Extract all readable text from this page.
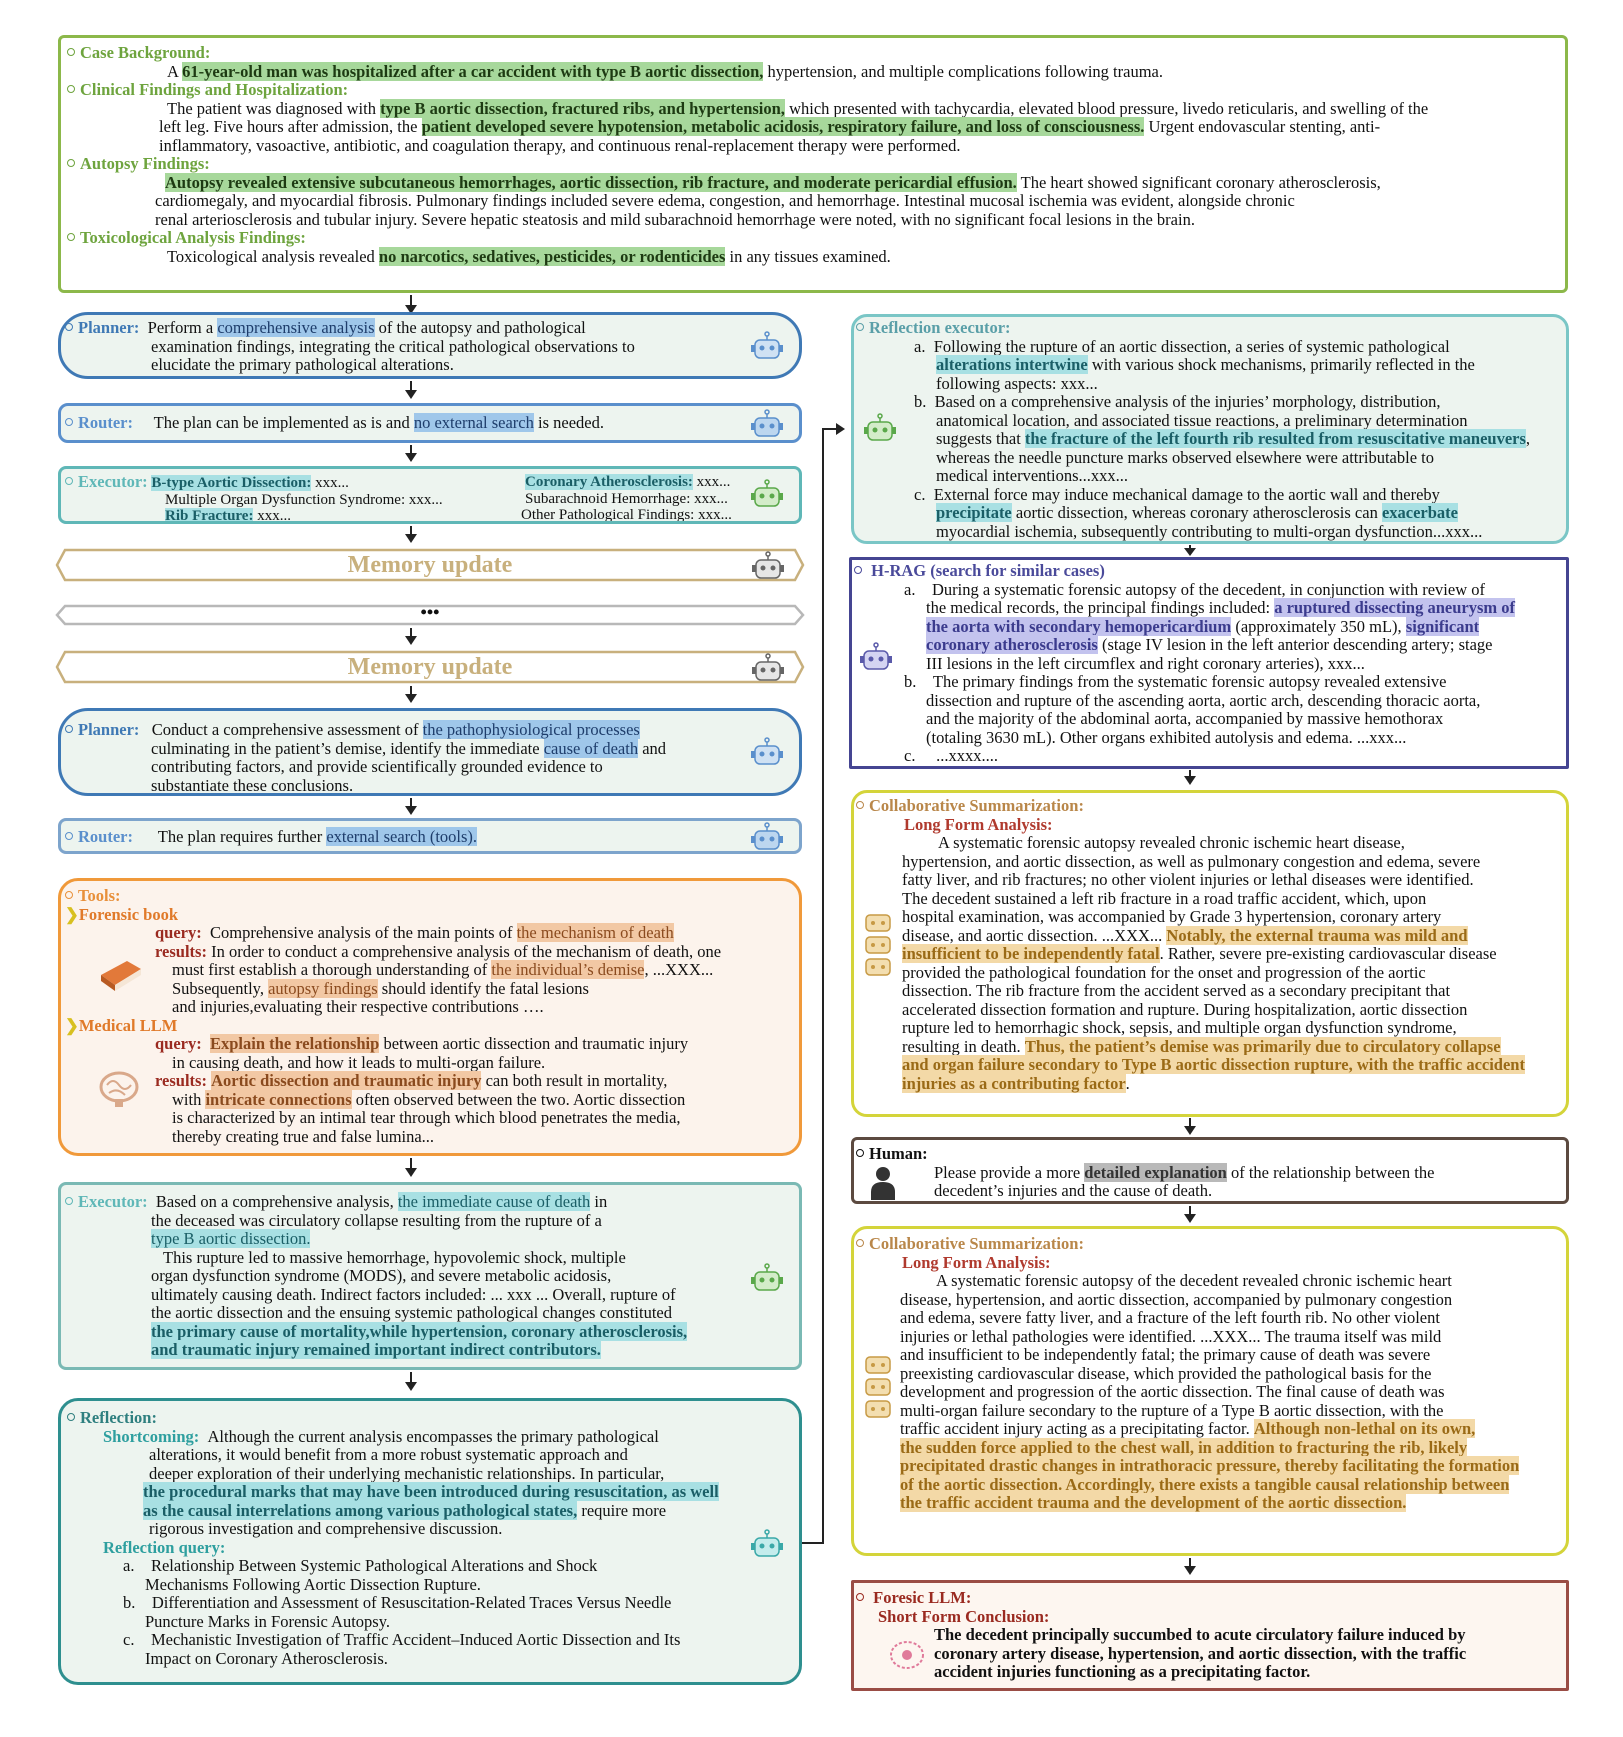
Case Background:
A 61-year-old man was hospitalized after a car accident with type B aortic dissection, hypertension, and multiple complications following trauma.
Clinical Findings and Hospitalization:
The patient was diagnosed with type B aortic dissection, fractured ribs, and hypertension, which presented with tachycardia, elevated blood pressure, livedo reticularis, and swelling of the
left leg. Five hours after admission, the patient developed severe hypotension, metabolic acidosis, respiratory failure, and loss of consciousness. Urgent endovascular stenting, anti-
inflammatory, vasoactive, antibiotic, and coagulation therapy, and continuous renal-replacement therapy were performed.
Autopsy Findings:
Autopsy revealed extensive subcutaneous hemorrhages, aortic dissection, rib fracture, and moderate pericardial effusion. The heart showed significant coronary atherosclerosis,
cardiomegaly, and myocardial fibrosis. Pulmonary findings included severe edema, congestion, and hemorrhage. Intestinal mucosal ischemia was evident, alongside chronic
renal arteriosclerosis and tubular injury. Severe hepatic steatosis and mild subarachnoid hemorrhage were noted, with no significant focal lesions in the brain.
Toxicological Analysis Findings:
Toxicological analysis revealed no narcotics, sedatives, pesticides, or rodenticides in any tissues examined.
Planner: Perform a comprehensive analysis of the autopsy and pathological
examination findings, integrating the critical pathological observations to
elucidate the primary pathological alterations.
Router: The plan can be implemented as is and no external search is needed.
Executor: B-type Aortic Dissection: xxx...
Multiple Organ Dysfunction Syndrome: xxx...
Rib Fracture: xxx...
Coronary Atherosclerosis: xxx...
Subarachnoid Hemorrhage: xxx...
Other Pathological Findings: xxx...
Memory update
•••
Memory update
Planner: Conduct a comprehensive assessment of the pathophysiological processes
culminating in the patient’s demise, identify the immediate cause of death and
contributing factors, and provide scientifically grounded evidence to
substantiate these conclusions.
Router: The plan requires further external search (tools).
Tools:
❯Forensic book
query: Comprehensive analysis of the main points of the mechanism of death
results: In order to conduct a comprehensive analysis of the mechanism of death, one
must first establish a thorough understanding of the individual’s demise, ...XXX...
Subsequently, autopsy findings should identify the fatal lesions
and injuries,evaluating their respective contributions ….
❯Medical LLM
query: Explain the relationship between aortic dissection and traumatic injury
in causing death, and how it leads to multi-organ failure.
results: Aortic dissection and traumatic injury can both result in mortality,
with intricate connections often observed between the two. Aortic dissection
is characterized by an intimal tear through which blood penetrates the media,
thereby creating true and false lumina...
Executor: Based on a comprehensive analysis, the immediate cause of death in
the deceased was circulatory collapse resulting from the rupture of a
type B aortic dissection.
This rupture led to massive hemorrhage, hypovolemic shock, multiple
organ dysfunction syndrome (MODS), and severe metabolic acidosis,
ultimately causing death. Indirect factors included: ... xxx ... Overall, rupture of
the aortic dissection and the ensuing systemic pathological changes constituted
the primary cause of mortality,while hypertension, coronary atherosclerosis,
and traumatic injury remained important indirect contributors.
Reflection:
Shortcoming: Although the current analysis encompasses the primary pathological
alterations, it would benefit from a more robust systematic approach and
deeper exploration of their underlying mechanistic relationships. In particular,
the procedural marks that may have been introduced during resuscitation, as well
as the causal interrelations among various pathological states, require more
rigorous investigation and comprehensive discussion.
Reflection query:
a. Relationship Between Systemic Pathological Alterations and Shock
Mechanisms Following Aortic Dissection Rupture.
b. Differentiation and Assessment of Resuscitation-Related Traces Versus Needle
Puncture Marks in Forensic Autopsy.
c. Mechanistic Investigation of Traffic Accident–Induced Aortic Dissection and Its
Impact on Coronary Atherosclerosis.
Reflection executor:
a. Following the rupture of an aortic dissection, a series of systemic pathological
alterations intertwine with various shock mechanisms, primarily reflected in the
following aspects: xxx...
b. Based on a comprehensive analysis of the injuries’ morphology, distribution,
anatomical location, and associated tissue reactions, a preliminary determination
suggests that the fracture of the left fourth rib resulted from resuscitative maneuvers,
whereas the needle puncture marks observed elsewhere were attributable to
medical interventions...xxx...
c. External force may induce mechanical damage to the aortic wall and thereby
precipitate aortic dissection, whereas coronary atherosclerosis can exacerbate
myocardial ischemia, subsequently contributing to multi-organ dysfunction...xxx...
H-RAG (search for similar cases)
a. During a systematic forensic autopsy of the decedent, in conjunction with review of
the medical records, the principal findings included: a ruptured dissecting aneurysm of
the aorta with secondary hemopericardium (approximately 350 mL), significant
coronary atherosclerosis (stage IV lesion in the left anterior descending artery; stage
III lesions in the left circumflex and right coronary arteries), xxx...
b. The primary findings from the systematic forensic autopsy revealed extensive
dissection and rupture of the ascending aorta, aortic arch, descending thoracic aorta,
and the majority of the abdominal aorta, accompanied by massive hemothorax
(totaling 3630 mL). Other organs exhibited autolysis and edema. ...xxx...
c. ...xxxx....
Collaborative Summarization:
Long Form Analysis:
A systematic forensic autopsy revealed chronic ischemic heart disease,
hypertension, and aortic dissection, as well as pulmonary congestion and edema, severe
fatty liver, and rib fractures; no other violent injuries or lethal diseases were identified.
The decedent sustained a left rib fracture in a road traffic accident, which, upon
hospital examination, was accompanied by Grade 3 hypertension, coronary artery
disease, and aortic dissection. ...XXX... Notably, the external trauma was mild and
insufficient to be independently fatal. Rather, severe pre-existing cardiovascular disease
provided the pathological foundation for the onset and progression of the aortic
dissection. The rib fracture from the accident served as a secondary precipitant that
accelerated dissection formation and rupture. During hospitalization, aortic dissection
rupture led to hemorrhagic shock, sepsis, and multiple organ dysfunction syndrome,
resulting in death. Thus, the patient’s demise was primarily due to circulatory collapse
and organ failure secondary to Type B aortic dissection rupture, with the traffic accident
injuries as a contributing factor.
Human:
Please provide a more detailed explanation of the relationship between the
decedent’s injuries and the cause of death.
Collaborative Summarization:
Long Form Analysis:
A systematic forensic autopsy of the decedent revealed chronic ischemic heart
disease, hypertension, and aortic dissection, accompanied by pulmonary congestion
and edema, severe fatty liver, and a fracture of the left fourth rib. No other violent
injuries or lethal pathologies were identified. ...XXX... The trauma itself was mild
and insufficient to be independently fatal; the primary cause of death was severe
preexisting cardiovascular disease, which provided the pathological basis for the
development and progression of the aortic dissection. The final cause of death was
multi-organ failure secondary to the rupture of a Type B aortic dissection, with the
traffic accident injury acting as a precipitating factor. Although non-lethal on its own,
the sudden force applied to the chest wall, in addition to fracturing the rib, likely
precipitated drastic changes in intrathoracic pressure, thereby facilitating the formation
of the aortic dissection. Accordingly, there exists a tangible causal relationship between
the traffic accident trauma and the development of the aortic dissection.
Foresic LLM:
Short Form Conclusion:
The decedent principally succumbed to acute circulatory failure induced by
coronary artery disease, hypertension, and aortic dissection, with the traffic
accident injuries functioning as a precipitating factor.
